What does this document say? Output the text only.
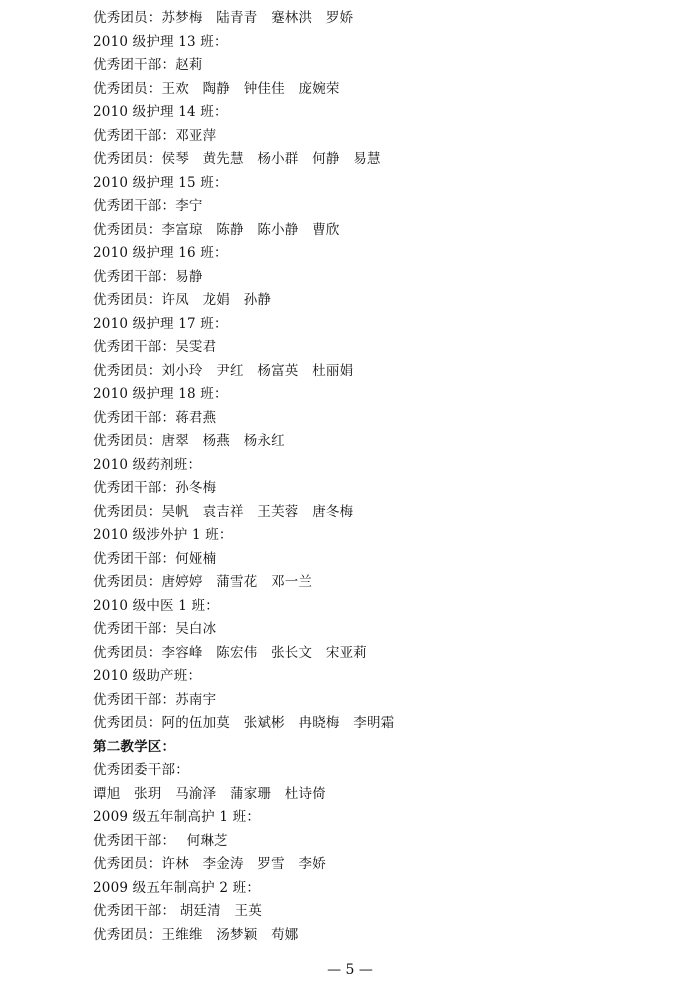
优秀团员：苏梦梅　陆青青　蹇林洪　罗娇
2010 级护理 13 班：
优秀团干部：赵莉
优秀团员：王欢　陶静　钟佳佳　庞婉荣
2010 级护理 14 班：
优秀团干部：邓亚萍
优秀团员：侯琴　黄先慧　杨小群　何静　易慧
2010 级护理 15 班：
优秀团干部：李宁
优秀团员：李富琼　陈静　陈小静　曹欣
2010 级护理 16 班：
优秀团干部：易静
优秀团员：许凤　龙娟　孙静
2010 级护理 17 班：
优秀团干部：吴雯君
优秀团员：刘小玲　尹红　杨富英　杜丽娟
2010 级护理 18 班：
优秀团干部：蒋君燕
优秀团员：唐翠　杨燕　杨永红
2010 级药剂班：
优秀团干部：孙冬梅
优秀团员：吴帆　袁吉祥　王芙蓉　唐冬梅
2010 级涉外护 1 班：
优秀团干部：何娅楠
优秀团员：唐婷婷　蒲雪花　邓一兰
2010 级中医 1 班：
优秀团干部：吴白冰
优秀团员：李容峰　陈宏伟　张长文　宋亚莉
2010 级助产班：
优秀团干部：苏南宇
优秀团员：阿的伍加莫　张斌彬　冉晓梅　李明霜
第二教学区：
优秀团委干部：
谭旭　张玥　马渝泽　蒲家珊　杜诗倚
2009 级五年制高护 1 班：
优秀团干部：　 何琳芝
优秀团员：许林　李金涛　罗雪　李娇
2009 级五年制高护 2 班：
优秀团干部： 胡廷清　王英
优秀团员：王维维　汤梦颖　苟娜
— 5 —
